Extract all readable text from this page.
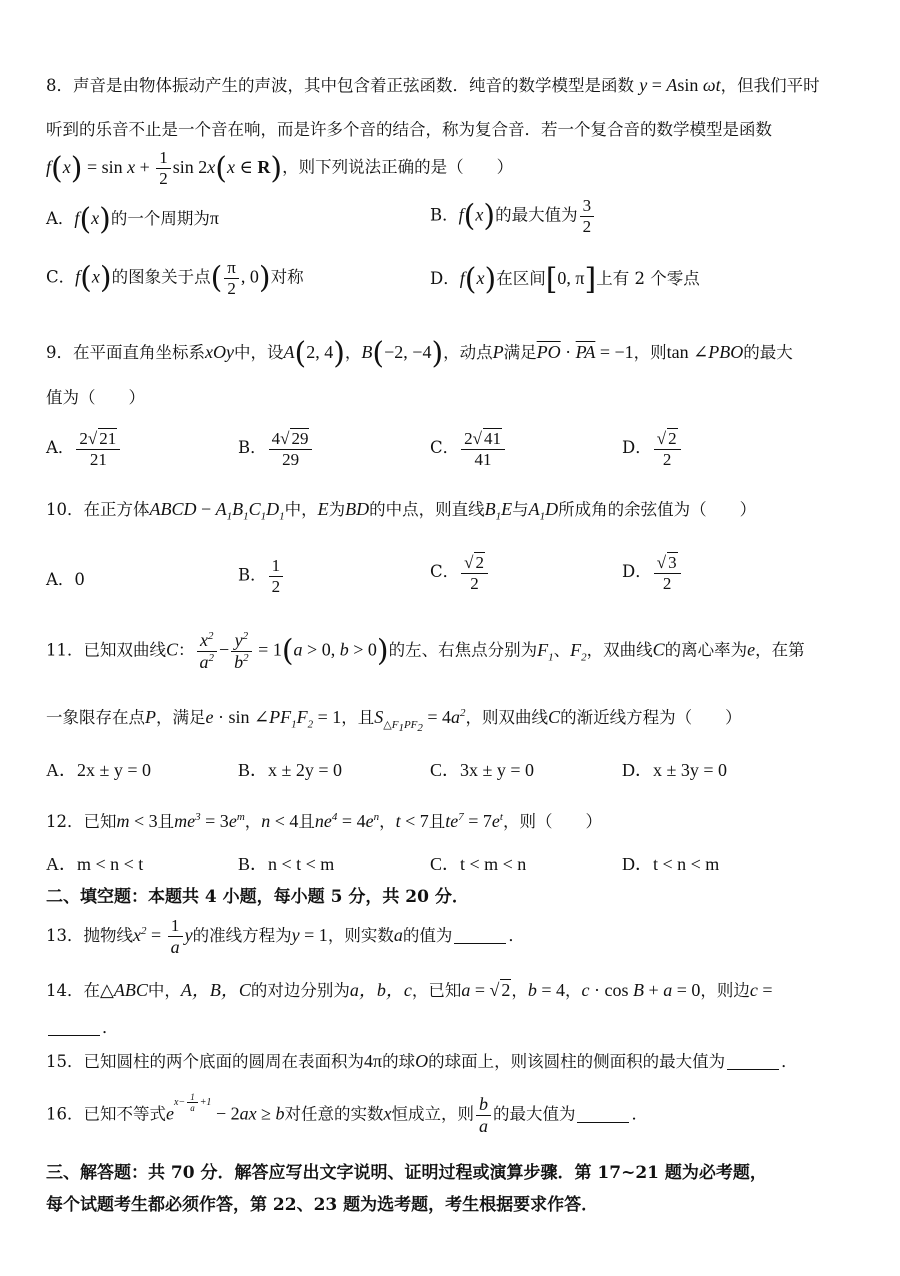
8．声音是由物体振动产生的声波，其中包含着正弦函数．纯音的数学模型是函数 y = Asin ωt，但我们平时
听到的乐音不止是一个音在响，而是许多个音的结合，称为复合音．若一个复合音的数学模型是函数
$f(x) = \sin x + \frac{1}{2}$ sin 2x(x ∈ R)，则下列说法正确的是（　　）
A．f(x)的一个周期为π	B．f(x)的最大值为 $\frac{3}{2}$
C．f(x)的图象关于点( $\frac{\pi}{2}$ , 0)对称	D．f(x)在区间[0, π]上有 2 个零点
9．在平面直角坐标系xOy中，设A(2, 4)，B(−2, −4)，动点P满足$\overline{PO} \cdot \overline{PA} = -1$，则tan ∠PBO的最大
值为（　　）
A． $\frac{2√ 21}{21}$	B． $\frac{4√ 29}{29}$	C． $\frac{2√ 41}{41}$	D． $\frac{√ 2}{2}$
10．在正方体ABCD − $A_1B_1C_1D_1$中，E为BD的中点，则直线$B_1E$与$A_1D$所成角的余弦值为（　　）
A．0	B． $\frac{1}{2}$	C． $\frac{√ 2}{2}$	D． $\frac{√ 3}{2}$
11．已知双曲线C： $\frac{x^2}{a^2} - \frac{y^2}{b^2} = 1(a > 0$, b > 0)的左、右焦点分别为$F_1$、$F_2$，双曲线C的离心率为e，在第
一象限存在点P，满足$e \cdot \sin \angle PF_1F_2 = 1$，且$S_{\triangle F_1PF_2} = 4a^2$，则双曲线C的渐近线方程为（　　）
A．2x ± y = 0	B．x ± 2y = 0	C．3x ± y = 0	D．x ± 3y = 0
12．已知m < 3且$me^3 = 3e^m$，n < 4且$ne^4 = 4e^n$，t < 7且$te^7 = 7e^t$，则（　　）
A．m < n < t	B．n < t < m	C．t < m < n	D．t < n < m
二、填空题：本题共 4 小题，每小题 5 分，共 20 分．
13．抛物线$x^2 = \frac{1}{a}$ y的准线方程为y = 1，则实数a的值为	．
14．在△ABC中，A，B，C的对边分别为a，b，c，已知a = √ 2，b = 4，c · cos B + a = 0，则边c =
．
15．已知圆柱的两个底面的圆周在表面积为4π的球O的球面上，则该圆柱的侧面积的最大值为	．
16．已知不等式$e^{x- \frac{1}{a} +1} - 2ax \ge b$对任意的实数x恒成立，则 $\frac{b}{a}$ 的最大值为	．
三、解答题：共 70 分．解答应写出文字说明、证明过程或演算步骤．第 17~21 题为必考题，
每个试题考生都必须作答，第 22、23 题为选考题，考生根据要求作答．
